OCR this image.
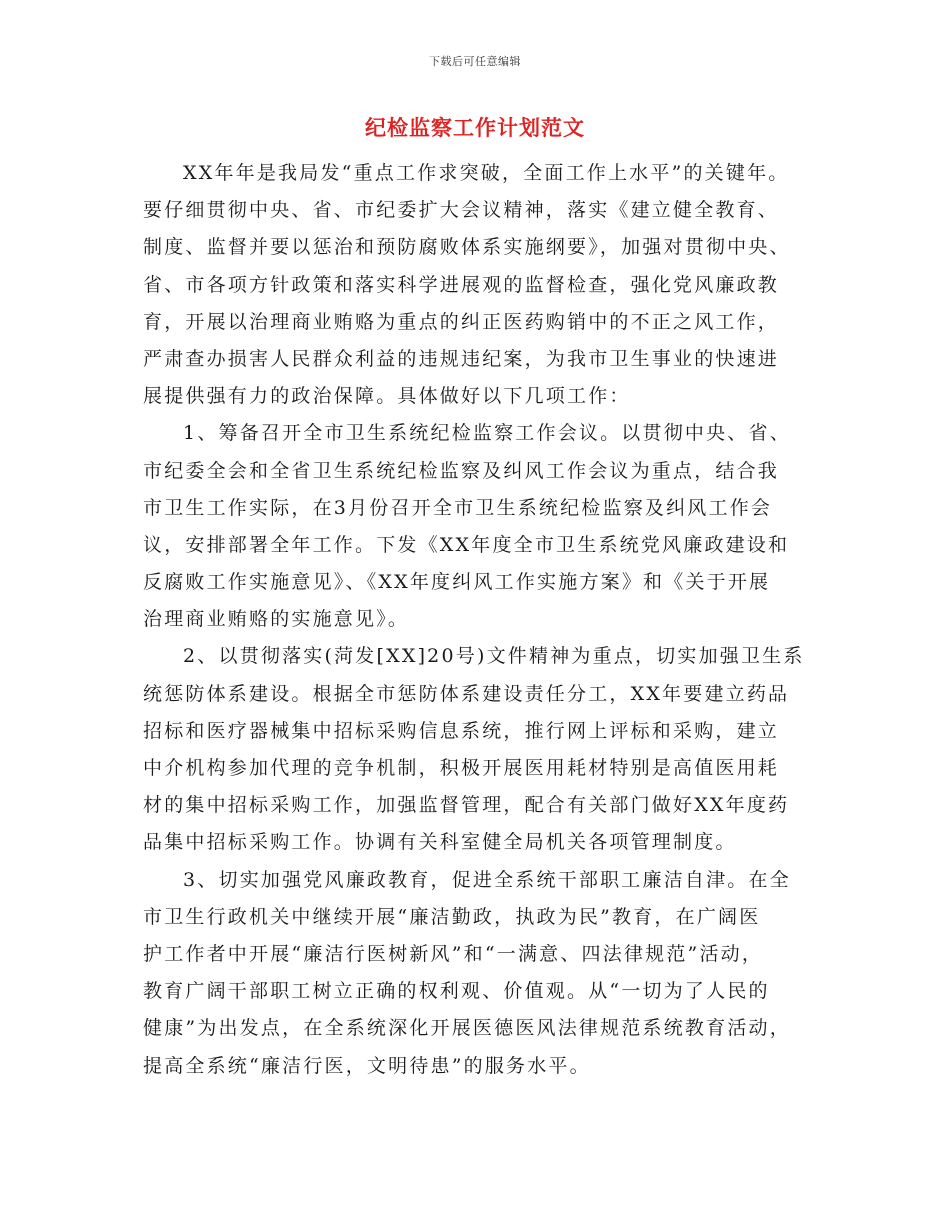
下载后可任意编辑
纪检监察工作计划范文
XX年年是我局发“重点工作求突破，全面工作上水平”的关键年。
要仔细贯彻中央、省、市纪委扩大会议精神，落实《建立健全教育、
制度、监督并要以惩治和预防腐败体系实施纲要》，加强对贯彻中央、
省、市各项方针政策和落实科学进展观的监督检查，强化党风廉政教
育，开展以治理商业贿赂为重点的纠正医药购销中的不正之风工作，
严肃查办损害人民群众利益的违规违纪案，为我市卫生事业的快速进
展提供强有力的政治保障。具体做好以下几项工作：
1、筹备召开全市卫生系统纪检监察工作会议。以贯彻中央、省、
市纪委全会和全省卫生系统纪检监察及纠风工作会议为重点，结合我
市卫生工作实际，在3月份召开全市卫生系统纪检监察及纠风工作会
议，安排部署全年工作。下发《XX年度全市卫生系统党风廉政建设和
反腐败工作实施意见》、《XX年度纠风工作实施方案》和《关于开展
治理商业贿赂的实施意见》。
2、以贯彻落实(菏发[XX]20号)文件精神为重点，切实加强卫生系
统惩防体系建设。根据全市惩防体系建设责任分工，XX年要建立药品
招标和医疗器械集中招标采购信息系统，推行网上评标和采购，建立
中介机构参加代理的竞争机制，积极开展医用耗材特别是高值医用耗
材的集中招标采购工作，加强监督管理，配合有关部门做好XX年度药
品集中招标采购工作。协调有关科室健全局机关各项管理制度。
3、切实加强党风廉政教育，促进全系统干部职工廉洁自津。在全
市卫生行政机关中继续开展“廉洁勤政，执政为民”教育，在广阔医
护工作者中开展“廉洁行医树新风”和“一满意、四法律规范”活动，
教育广阔干部职工树立正确的权利观、价值观。从“一切为了人民的
健康”为出发点，在全系统深化开展医德医风法律规范系统教育活动，
提高全系统“廉洁行医，文明待患”的服务水平。
